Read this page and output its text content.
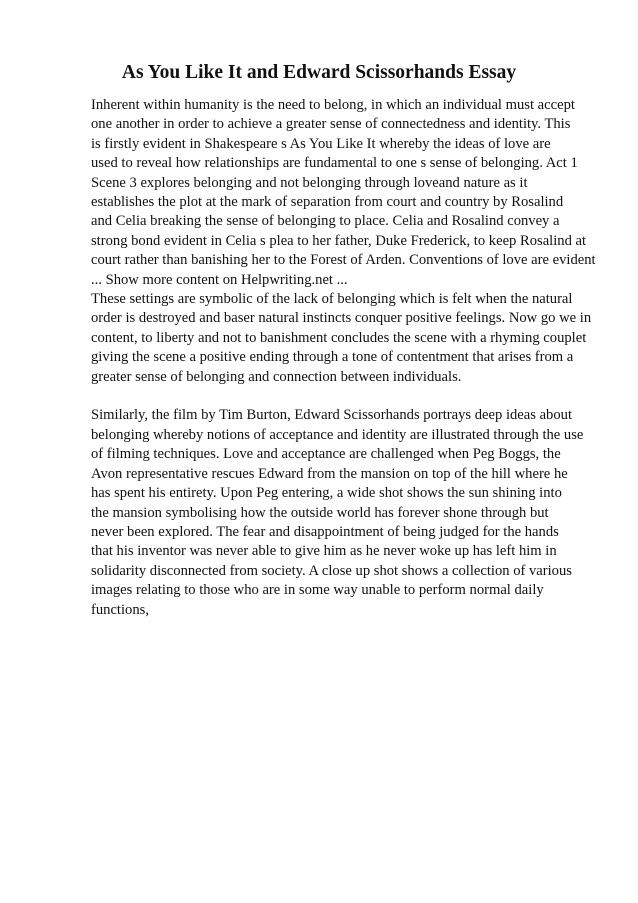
As You Like It and Edward Scissorhands Essay
Inherent within humanity is the need to belong, in which an individual must accept
one another in order to achieve a greater sense of connectedness and identity. This
is firstly evident in Shakespeare s As You Like It whereby the ideas of love are
used to reveal how relationships are fundamental to one s sense of belonging. Act 1
Scene 3 explores belonging and not belonging through loveand nature as it
establishes the plot at the mark of separation from court and country by Rosalind
and Celia breaking the sense of belonging to place. Celia and Rosalind convey a
strong bond evident in Celia s plea to her father, Duke Frederick, to keep Rosalind at
court rather than banishing her to the Forest of Arden. Conventions of love are evident
... Show more content on Helpwriting.net ...
These settings are symbolic of the lack of belonging which is felt when the natural
order is destroyed and baser natural instincts conquer positive feelings. Now go we in
content, to liberty and not to banishment concludes the scene with a rhyming couplet
giving the scene a positive ending through a tone of contentment that arises from a
greater sense of belonging and connection between individuals.
Similarly, the film by Tim Burton, Edward Scissorhands portrays deep ideas about
belonging whereby notions of acceptance and identity are illustrated through the use
of filming techniques. Love and acceptance are challenged when Peg Boggs, the
Avon representative rescues Edward from the mansion on top of the hill where he
has spent his entirety. Upon Peg entering, a wide shot shows the sun shining into
the mansion symbolising how the outside world has forever shone through but
never been explored. The fear and disappointment of being judged for the hands
that his inventor was never able to give him as he never woke up has left him in
solidarity disconnected from society. A close up shot shows a collection of various
images relating to those who are in some way unable to perform normal daily
functions,
